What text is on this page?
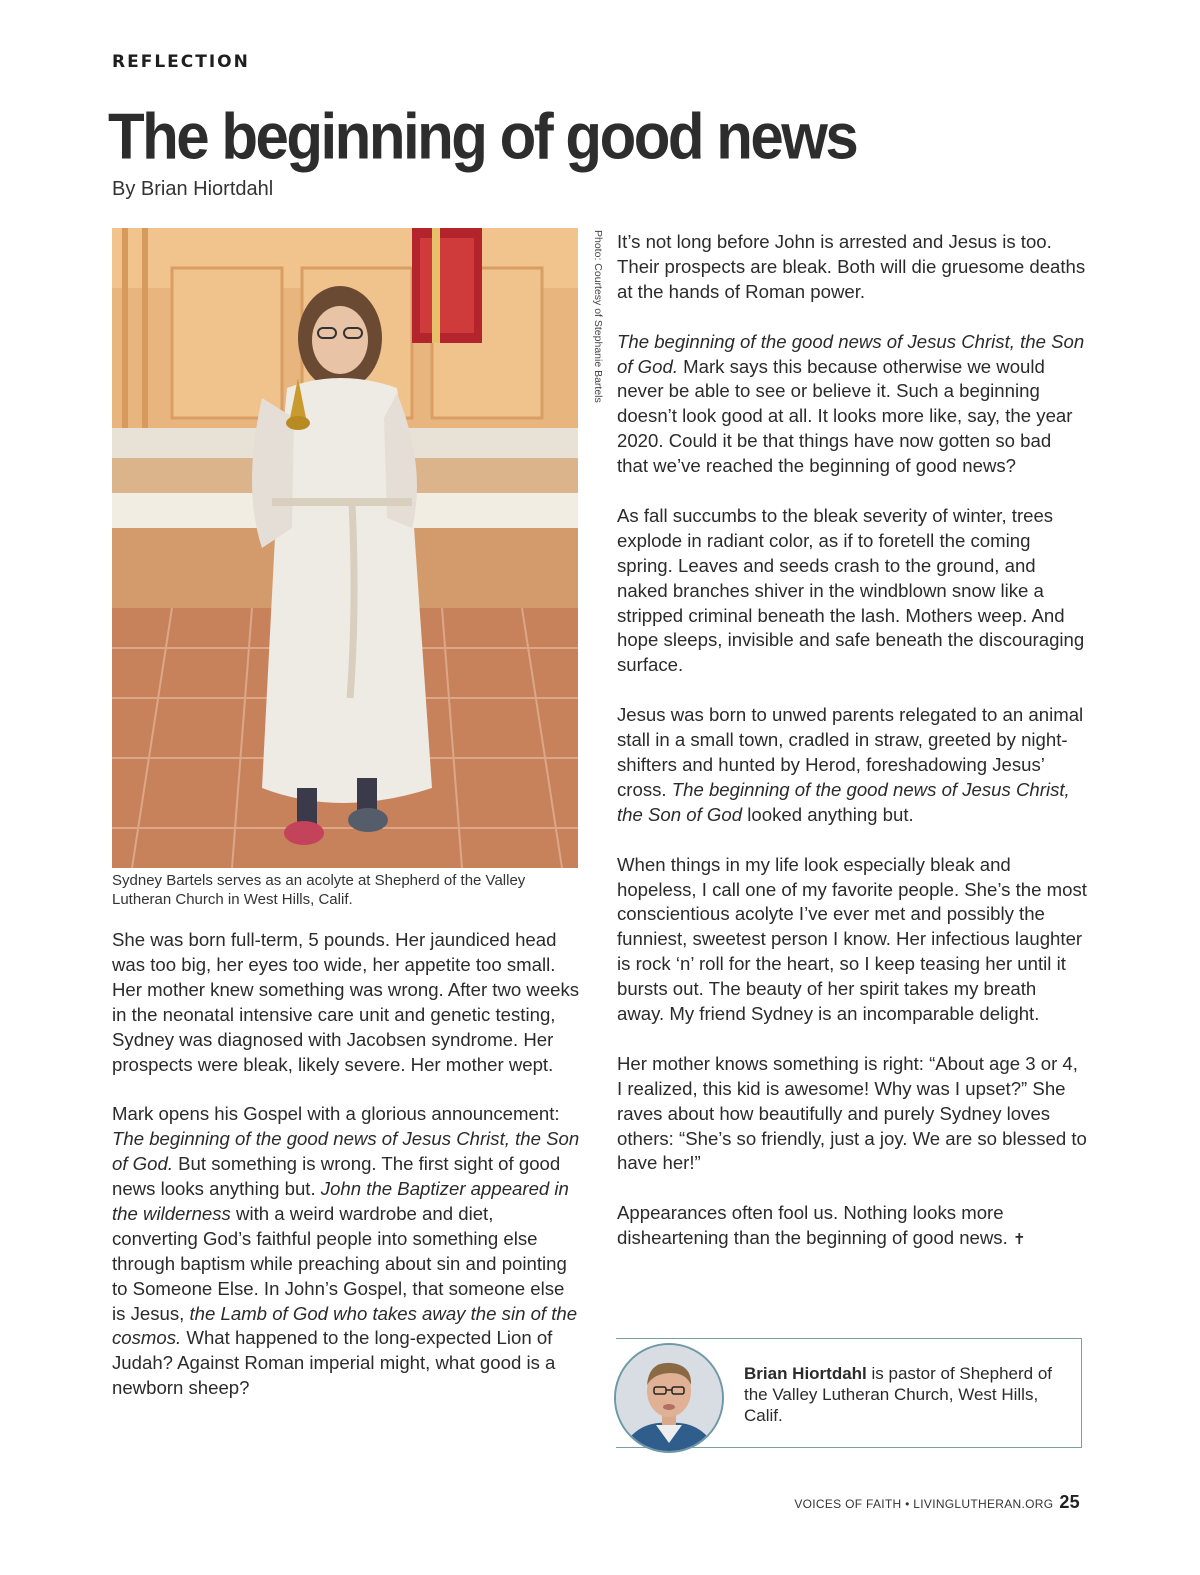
REFLECTION
The beginning of good news
By Brian Hiortdahl
Photo: Courtesy of Stephanie Bartels
Sydney Bartels serves as an acolyte at Shepherd of the Valley Lutheran Church in West Hills, Calif.

She was born full-term, 5 pounds. Her jaundiced head was too big, her eyes too wide, her appetite too small. Her mother knew something was wrong. After two weeks in the neonatal intensive care unit and genetic testing, Sydney was diagnosed with Jacobsen syndrome. Her prospects were bleak, likely severe. Her mother wept.

Mark opens his Gospel with a glorious announcement: The beginning of the good news of Jesus Christ, the Son of God. But something is wrong. The first sight of good news looks anything but. John the Baptizer appeared in the wilderness with a weird wardrobe and diet, converting God’s faithful people into something else through baptism while preaching about sin and pointing to Someone Else. In John’s Gospel, that someone else is Jesus, the Lamb of God who takes away the sin of the cosmos. What happened to the long-expected Lion of Judah? Against Roman imperial might, what good is a newborn sheep?

It’s not long before John is arrested and Jesus is too. Their prospects are bleak. Both will die gruesome deaths at the hands of Roman power.

The beginning of the good news of Jesus Christ, the Son of God. Mark says this because otherwise we would never be able to see or believe it. Such a beginning doesn’t look good at all. It looks more like, say, the year 2020. Could it be that things have now gotten so bad that we’ve reached the beginning of good news?

As fall succumbs to the bleak severity of winter, trees explode in radiant color, as if to foretell the coming spring. Leaves and seeds crash to the ground, and naked branches shiver in the windblown snow like a stripped criminal beneath the lash. Mothers weep. And hope sleeps, invisible and safe beneath the discouraging surface.

Jesus was born to unwed parents relegated to an animal stall in a small town, cradled in straw, greeted by night-shifters and hunted by Herod, foreshadowing Jesus’ cross. The beginning of the good news of Jesus Christ, the Son of God looked anything but.

When things in my life look especially bleak and hopeless, I call one of my favorite people. She’s the most conscientious acolyte I’ve ever met and possibly the funniest, sweetest person I know. Her infectious laughter is rock ‘n’ roll for the heart, so I keep teasing her until it bursts out. The beauty of her spirit takes my breath away. My friend Sydney is an incomparable delight.

Her mother knows something is right: “About age 3 or 4, I realized, this kid is awesome! Why was I upset?” She raves about how beautifully and purely Sydney loves others: “She’s so friendly, just a joy. We are so blessed to have her!”

Appearances often fool us. Nothing looks more disheartening than the beginning of good news. ✝

Brian Hiortdahl is pastor of Shepherd of the Valley Lutheran Church, West Hills, Calif.
VOICES OF FAITH • LIVINGLUTHERAN.ORG 25
